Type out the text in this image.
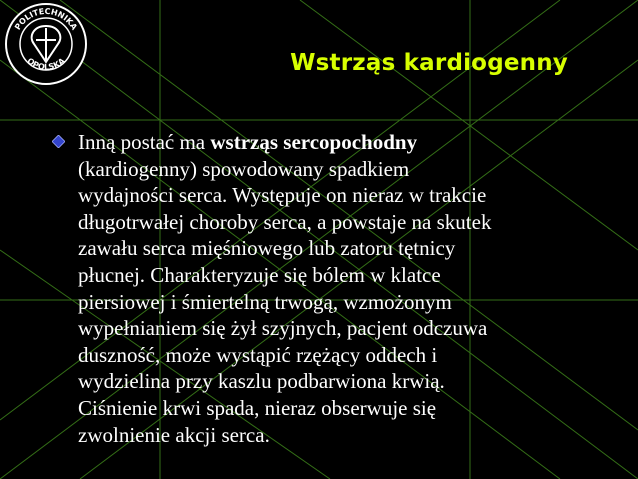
POLITECHNIKA
OPOLSKA	Wstrząs kardiogenny
Inną postać ma wstrząs sercopochodny
(kardiogenny) spowodowany spadkiem
wydajności serca. Występuje on nieraz w trakcie
długotrwałej choroby serca, a powstaje na skutek
zawału serca mięśniowego lub zatoru tętnicy
płucnej. Charakteryzuje się bólem w klatce
piersiowej i śmiertelną trwogą, wzmożonym
wypełnianiem się żył szyjnych, pacjent odczuwa
duszność, może wystąpić rzężący oddech i
wydzielina przy kaszlu podbarwiona krwią.
Ciśnienie krwi spada, nieraz obserwuje się
zwolnienie akcji serca.
